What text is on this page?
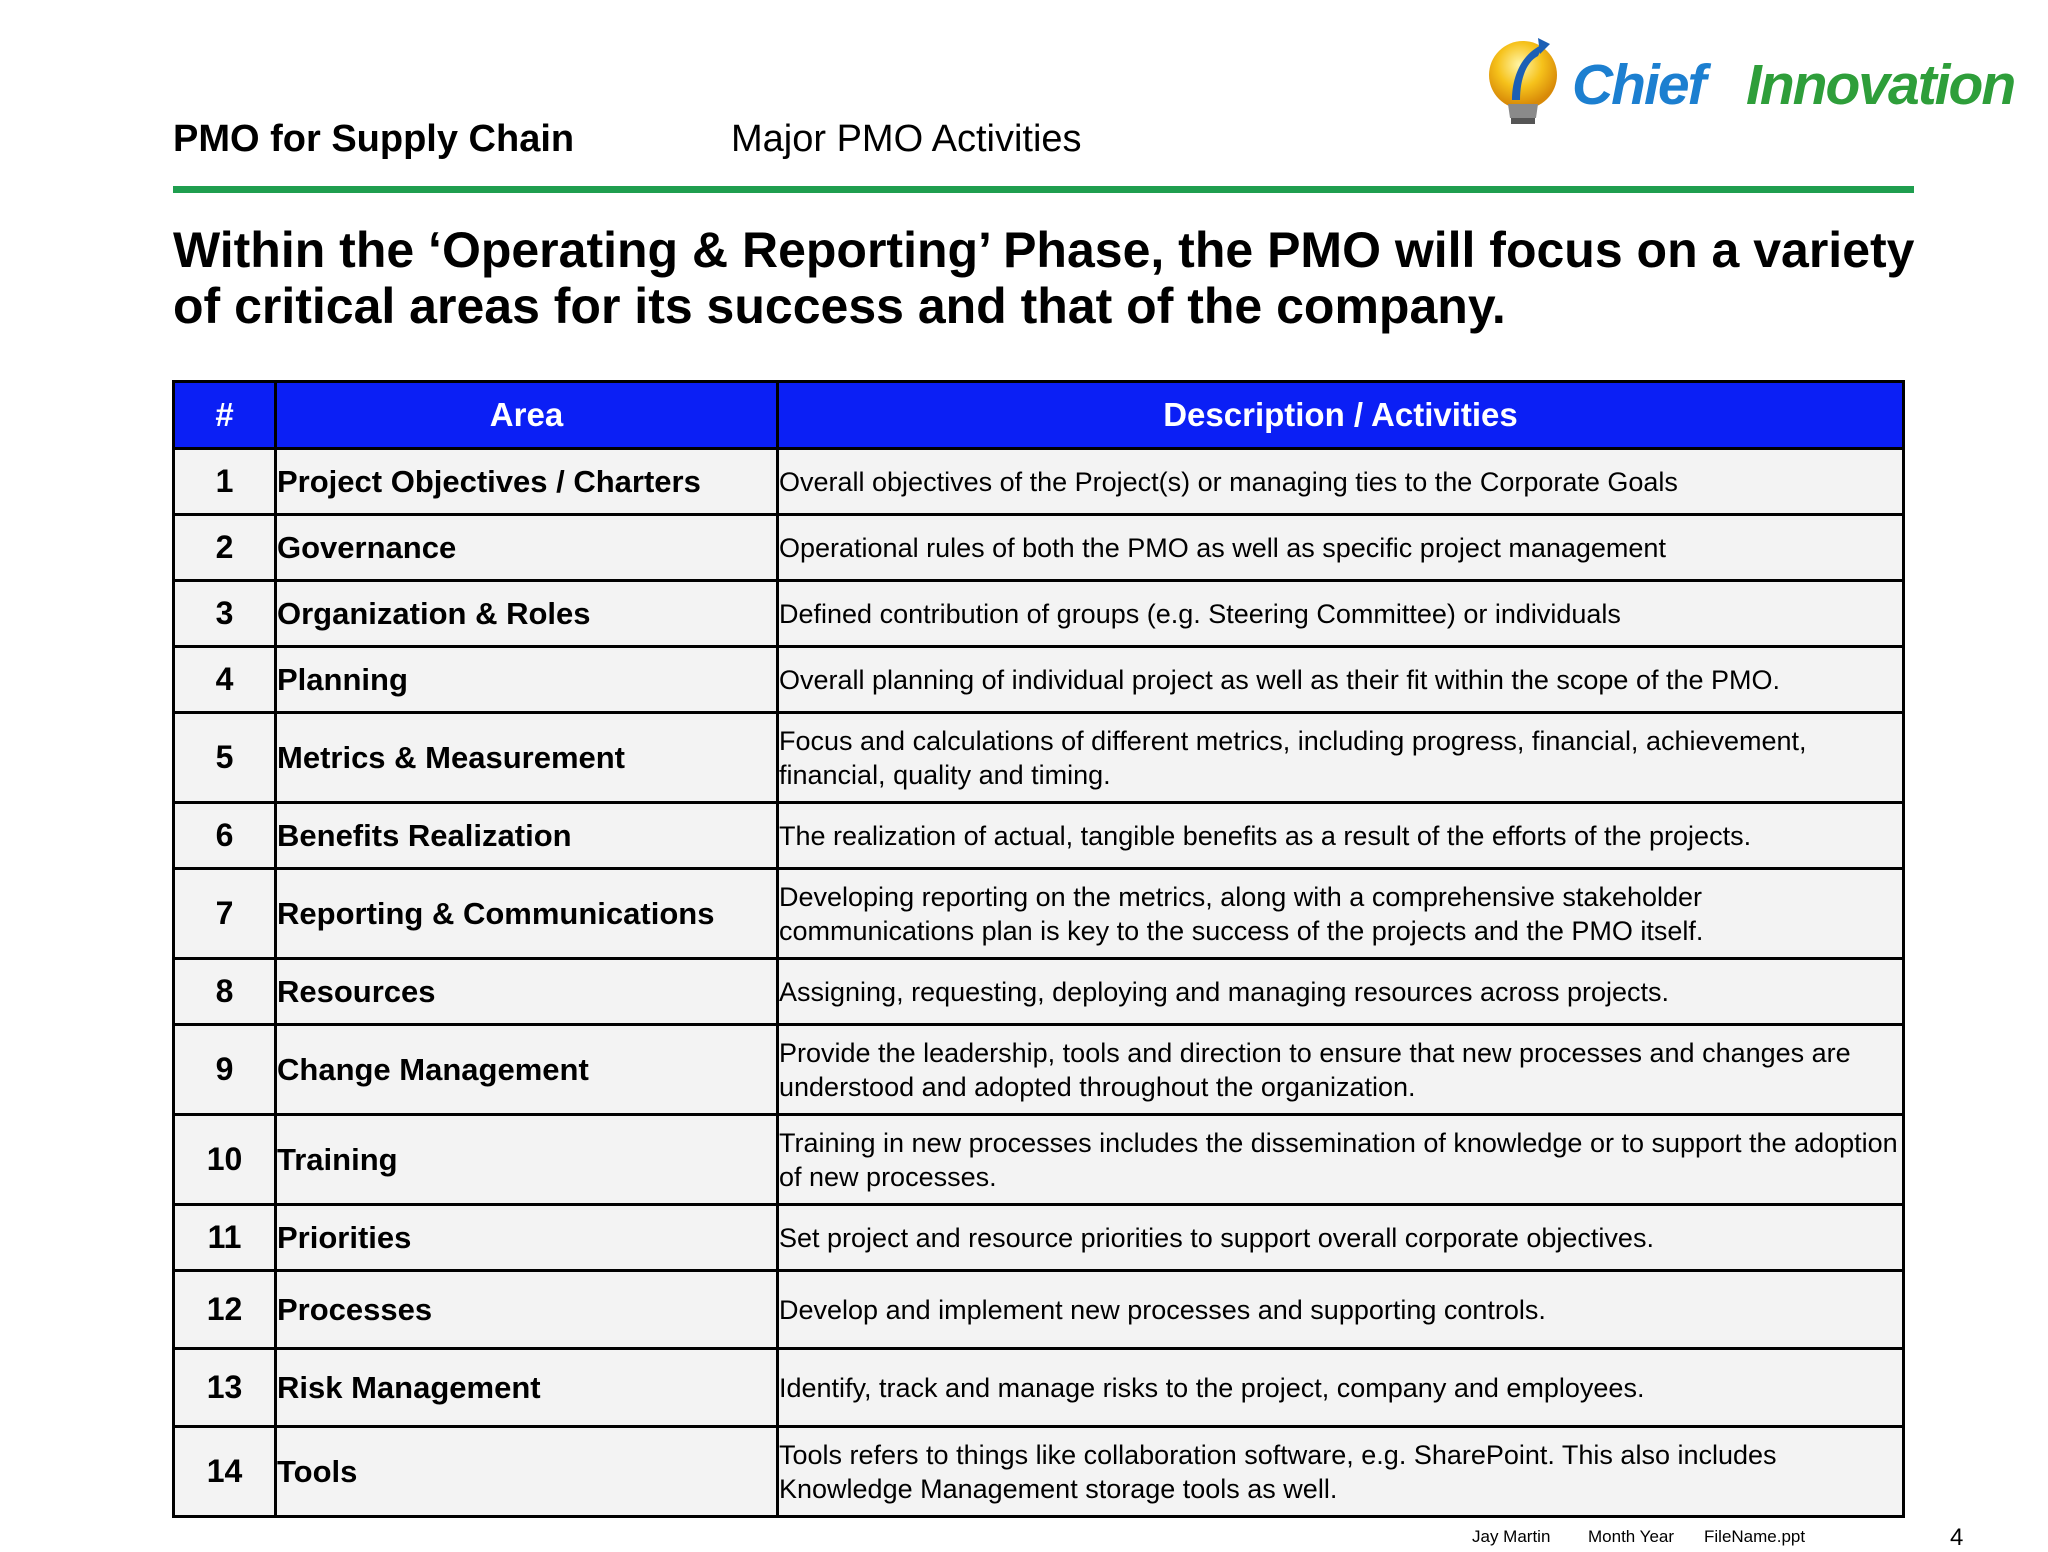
PMO for Supply Chain	Major PMO Activities
Chief Innovation
Within the ‘Operating & Reporting’ Phase, the PMO will focus on a variety of critical areas for its success and that of the company.
#	Area	Description / Activities
1	Project Objectives / Charters	Overall objectives of the Project(s) or managing ties to the Corporate Goals
2	Governance	Operational rules of both the PMO as well as specific project management
3	Organization & Roles	Defined contribution of groups (e.g. Steering Committee) or individuals
4	Planning	Overall planning of individual project as well as their fit within the scope of the PMO.
5	Metrics & Measurement	Focus and calculations of different metrics, including progress, financial, achievement, financial, quality and timing.
6	Benefits Realization	The realization of actual, tangible benefits as a result of the efforts of the projects.
7	Reporting & Communications	Developing reporting on the metrics, along with a comprehensive stakeholder communications plan is key to the success of the projects and the PMO itself.
8	Resources	Assigning, requesting, deploying and managing resources across projects.
9	Change Management	Provide the leadership, tools and direction to ensure that new processes and changes are understood and adopted throughout the organization.
10	Training	Training in new processes includes the dissemination of knowledge or to support the adoption of new processes.
11	Priorities	Set project and resource priorities to support overall corporate objectives.
12	Processes	Develop and implement new processes and supporting controls.
13	Risk Management	Identify, track and manage risks to the project, company and employees.
14	Tools	Tools refers to things like collaboration software, e.g. SharePoint. This also includes Knowledge Management storage tools as well.
Jay Martin Month Year FileName.ppt	4
